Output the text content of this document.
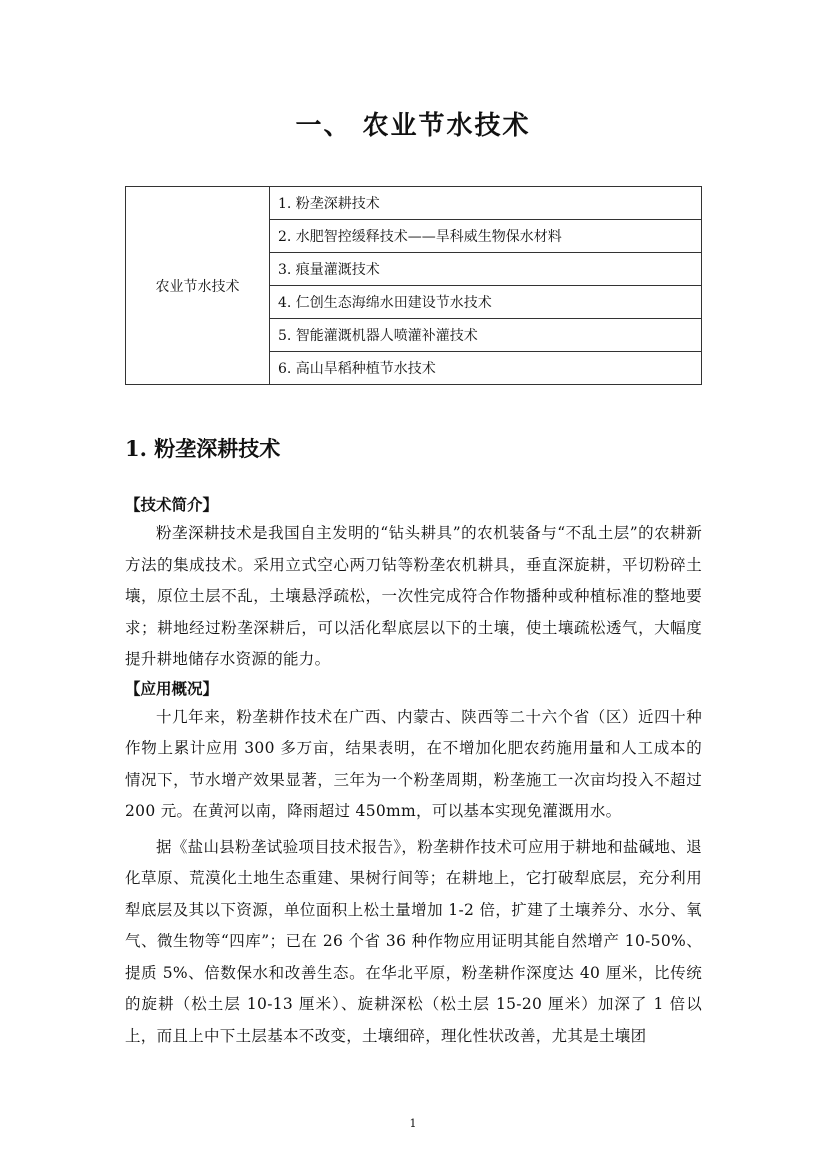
一、 农业节水技术
农业节水技术	1. 粉垄深耕技术
2. 水肥智控缓释技术——旱科威生物保水材料
3. 痕量灌溉技术
4. 仁创生态海绵水田建设节水技术
5. 智能灌溉机器人喷灌补灌技术
6. 高山旱稻种植节水技术
1. 粉垄深耕技术
【技术简介】

粉垄深耕技术是我国自主发明的“钻头耕具”的农机装备与“不乱土层”的农耕新方法的集成技术。采用立式空心两刀钻等粉垄农机耕具，垂直深旋耕，平切粉碎土壤，原位土层不乱，土壤悬浮疏松，一次性完成符合作物播种或种植标准的整地要求；耕地经过粉垄深耕后，可以活化犁底层以下的土壤，使土壤疏松透气，大幅度提升耕地储存水资源的能力。

【应用概况】

十几年来，粉垄耕作技术在广西、内蒙古、陕西等二十六个省（区）近四十种作物上累计应用 300 多万亩，结果表明，在不增加化肥农药施用量和人工成本的情况下，节水增产效果显著，三年为一个粉垄周期，粉垄施工一次亩均投入不超过 200 元。在黄河以南，降雨超过 450mm，可以基本实现免灌溉用水。

据《盐山县粉垄试验项目技术报告》，粉垄耕作技术可应用于耕地和盐碱地、退化草原、荒漠化土地生态重建、果树行间等；在耕地上，它打破犁底层，充分利用犁底层及其以下资源，单位面积上松土量增加 1-2 倍，扩建了土壤养分、水分、氧气、微生物等“四库”；已在 26 个省 36 种作物应用证明其能自然增产 10-50%、提质 5%、倍数保水和改善生态。在华北平原，粉垄耕作深度达 40 厘米，比传统的旋耕（松土层 10-13 厘米）、旋耕深松（松土层 15-20 厘米）加深了 1 倍以上，而且上中下土层基本不改变，土壤细碎，理化性状改善，尤其是土壤团

1
